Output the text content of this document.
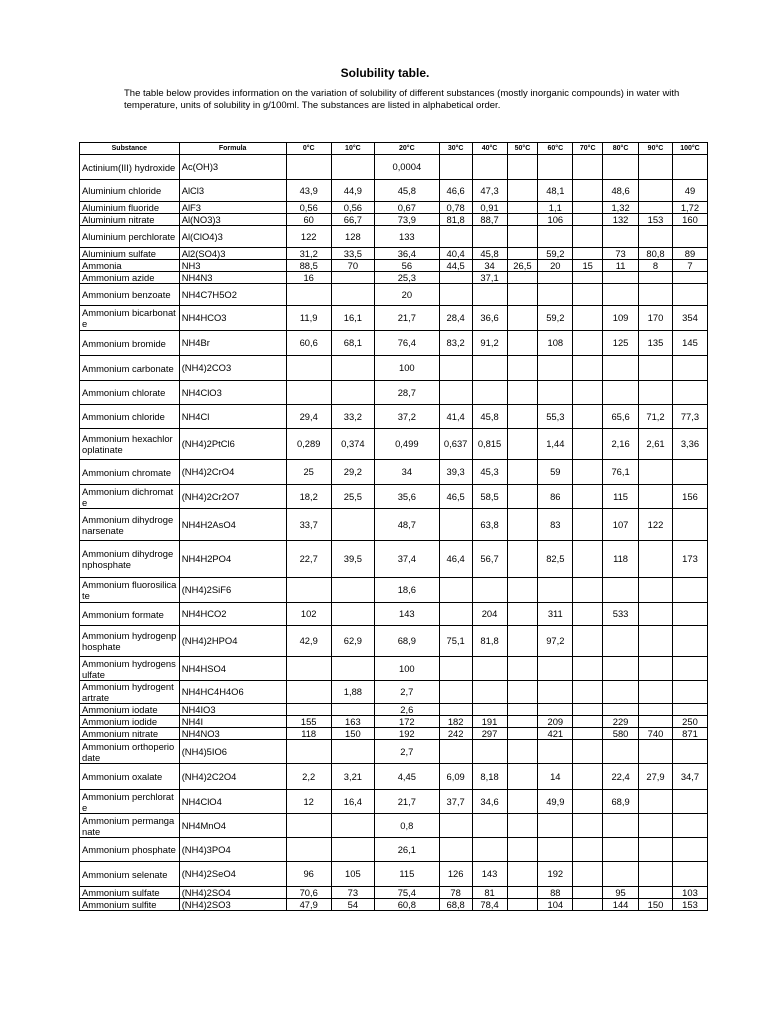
Solubility table.
The table below provides information on the variation of solubility of different substances (mostly inorganic compounds) in water with temperature, units of solubility in g/100ml. The substances are listed in alphabetical order.
Substance	Formula	0°C	10°C	20°C	30°C	40°C	50°C	60°C	70°C	80°C	90°C	100°C
Actinium(III) hydroxide	Ac(OH)3			0,0004								
Aluminium chloride	AlCl3	43,9	44,9	45,8	46,6	47,3		48,1		48,6		49
Aluminium fluoride	AlF3	0,56	0,56	0,67	0,78	0,91		1,1		1,32		1,72
Aluminium nitrate	Al(NO3)3	60	66,7	73,9	81,8	88,7		106		132	153	160
Aluminium perchlorate	Al(ClO4)3	122	128	133								
Aluminium sulfate	Al2(SO4)3	31,2	33,5	36,4	40,4	45,8		59,2		73	80,8	89
Ammonia	NH3	88,5	70	56	44,5	34	26,5	20	15	11	8	7
Ammonium azide	NH4N3	16		25,3		37,1						
Ammonium benzoate	NH4C7H5O2			20								
Ammonium bicarbonate	NH4HCO3	11,9	16,1	21,7	28,4	36,6		59,2		109	170	354
Ammonium bromide	NH4Br	60,6	68,1	76,4	83,2	91,2		108		125	135	145
Ammonium carbonate	(NH4)2CO3			100								
Ammonium chlorate	NH4ClO3			28,7								
Ammonium chloride	NH4Cl	29,4	33,2	37,2	41,4	45,8		55,3		65,6	71,2	77,3
Ammonium hexachloroplatinate	(NH4)2PtCl6	0,289	0,374	0,499	0,637	0,815		1,44		2,16	2,61	3,36
Ammonium chromate	(NH4)2CrO4	25	29,2	34	39,3	45,3		59		76,1		
Ammonium dichromate	(NH4)2Cr2O7	18,2	25,5	35,6	46,5	58,5		86		115		156
Ammonium dihydrogenarsenate	NH4H2AsO4	33,7		48,7		63,8		83		107	122	
Ammonium dihydrogenphosphate	NH4H2PO4	22,7	39,5	37,4	46,4	56,7		82,5		118		173
Ammonium fluorosilicate	(NH4)2SiF6			18,6								
Ammonium formate	NH4HCO2	102		143		204		311		533		
Ammonium hydrogenphosphate	(NH4)2HPO4	42,9	62,9	68,9	75,1	81,8		97,2				
Ammonium hydrogensulfate	NH4HSO4			100								
Ammonium hydrogentartrate	NH4HC4H4O6		1,88	2,7								
Ammonium iodate	NH4IO3			2,6								
Ammonium iodide	NH4I	155	163	172	182	191		209		229		250
Ammonium nitrate	NH4NO3	118	150	192	242	297		421		580	740	871
Ammonium orthoperiodate	(NH4)5IO6			2,7								
Ammonium oxalate	(NH4)2C2O4	2,2	3,21	4,45	6,09	8,18		14		22,4	27,9	34,7
Ammonium perchlorate	NH4ClO4	12	16,4	21,7	37,7	34,6		49,9		68,9		
Ammonium permanganate	NH4MnO4			0,8								
Ammonium phosphate	(NH4)3PO4			26,1								
Ammonium selenate	(NH4)2SeO4	96	105	115	126	143		192				
Ammonium sulfate	(NH4)2SO4	70,6	73	75,4	78	81		88		95		103
Ammonium sulfite	(NH4)2SO3	47,9	54	60,8	68,8	78,4		104		144	150	153
